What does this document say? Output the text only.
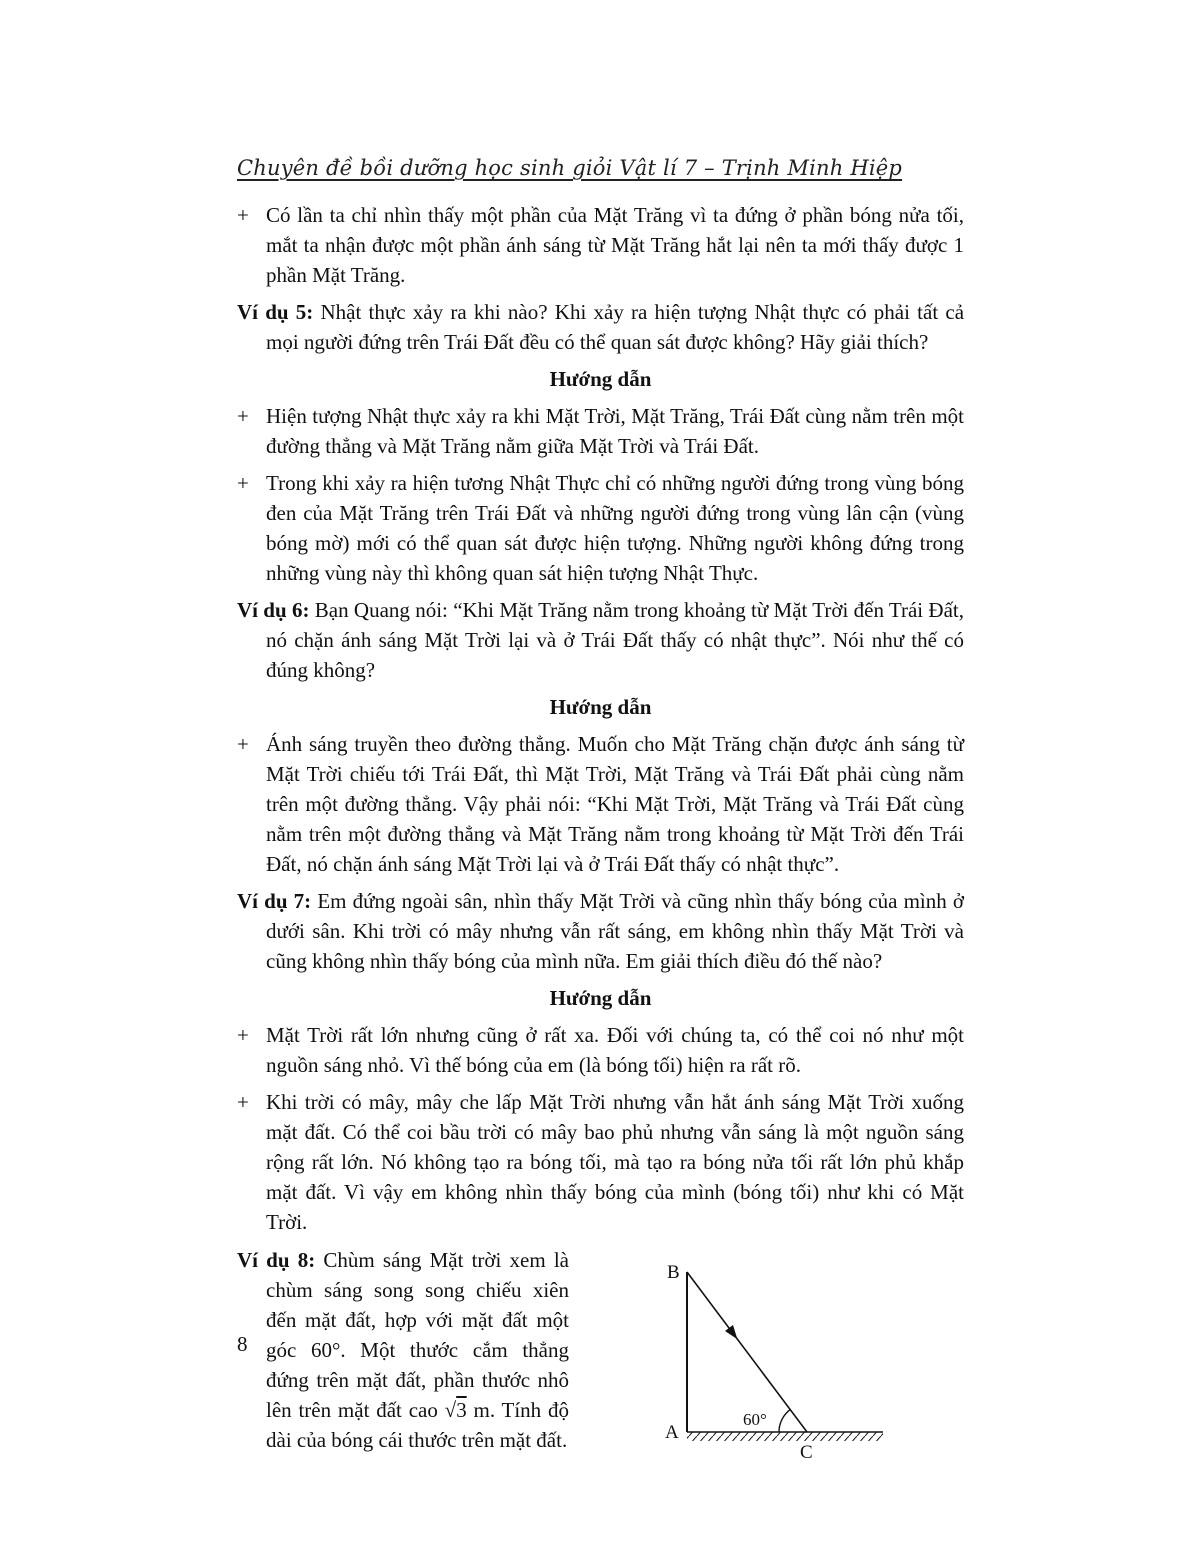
Chuyên đề bồi dưỡng học sinh giỏi Vật lí 7 – Trịnh Minh Hiệp

+ Có lần ta chỉ nhìn thấy một phần của Mặt Trăng vì ta đứng ở phần bóng nửa tối, mắt ta nhận được một phần ánh sáng từ Mặt Trăng hắt lại nên ta mới thấy được 1 phần Mặt Trăng.

Ví dụ 5: Nhật thực xảy ra khi nào? Khi xảy ra hiện tượng Nhật thực có phải tất cả mọi người đứng trên Trái Đất đều có thể quan sát được không? Hãy giải thích?

Hướng dẫn

+ Hiện tượng Nhật thực xảy ra khi Mặt Trời, Mặt Trăng, Trái Đất cùng nằm trên một đường thẳng và Mặt Trăng nằm giữa Mặt Trời và Trái Đất.

+ Trong khi xảy ra hiện tương Nhật Thực chỉ có những người đứng trong vùng bóng đen của Mặt Trăng trên Trái Đất và những người đứng trong vùng lân cận (vùng bóng mờ) mới có thể quan sát được hiện tượng. Những người không đứng trong những vùng này thì không quan sát hiện tượng Nhật Thực.

Ví dụ 6: Bạn Quang nói: “Khi Mặt Trăng nằm trong khoảng từ Mặt Trời đến Trái Đất, nó chặn ánh sáng Mặt Trời lại và ở Trái Đất thấy có nhật thực”. Nói như thế có đúng không?

Hướng dẫn

+ Ánh sáng truyền theo đường thẳng. Muốn cho Mặt Trăng chặn được ánh sáng từ Mặt Trời chiếu tới Trái Đất, thì Mặt Trời, Mặt Trăng và Trái Đất phải cùng nằm trên một đường thẳng. Vậy phải nói: “Khi Mặt Trời, Mặt Trăng và Trái Đất cùng nằm trên một đường thẳng và Mặt Trăng nằm trong khoảng từ Mặt Trời đến Trái Đất, nó chặn ánh sáng Mặt Trời lại và ở Trái Đất thấy có nhật thực”.

Ví dụ 7: Em đứng ngoài sân, nhìn thấy Mặt Trời và cũng nhìn thấy bóng của mình ở dưới sân. Khi trời có mây nhưng vẫn rất sáng, em không nhìn thấy Mặt Trời và cũng không nhìn thấy bóng của mình nữa. Em giải thích điều đó thế nào?

Hướng dẫn

+ Mặt Trời rất lớn nhưng cũng ở rất xa. Đối với chúng ta, có thể coi nó như một nguồn sáng nhỏ. Vì thế bóng của em (là bóng tối) hiện ra rất rõ.

+ Khi trời có mây, mây che lấp Mặt Trời nhưng vẫn hắt ánh sáng Mặt Trời xuống mặt đất. Có thể coi bầu trời có mây bao phủ nhưng vẫn sáng là một nguồn sáng rộng rất lớn. Nó không tạo ra bóng tối, mà tạo ra bóng nửa tối rất lớn phủ khắp mặt đất. Vì vậy em không nhìn thấy bóng của mình (bóng tối) như khi có Mặt Trời.

Ví dụ 8: Chùm sáng Mặt trời xem là chùm sáng song song chiếu xiên đến mặt đất, hợp với mặt đất một góc 60°. Một thước cắm thẳng đứng trên mặt đất, phần thước nhô lên trên mặt đất cao √3 m. Tính độ dài của bóng cái thước trên mặt đất.

B
A
C
60°
8
